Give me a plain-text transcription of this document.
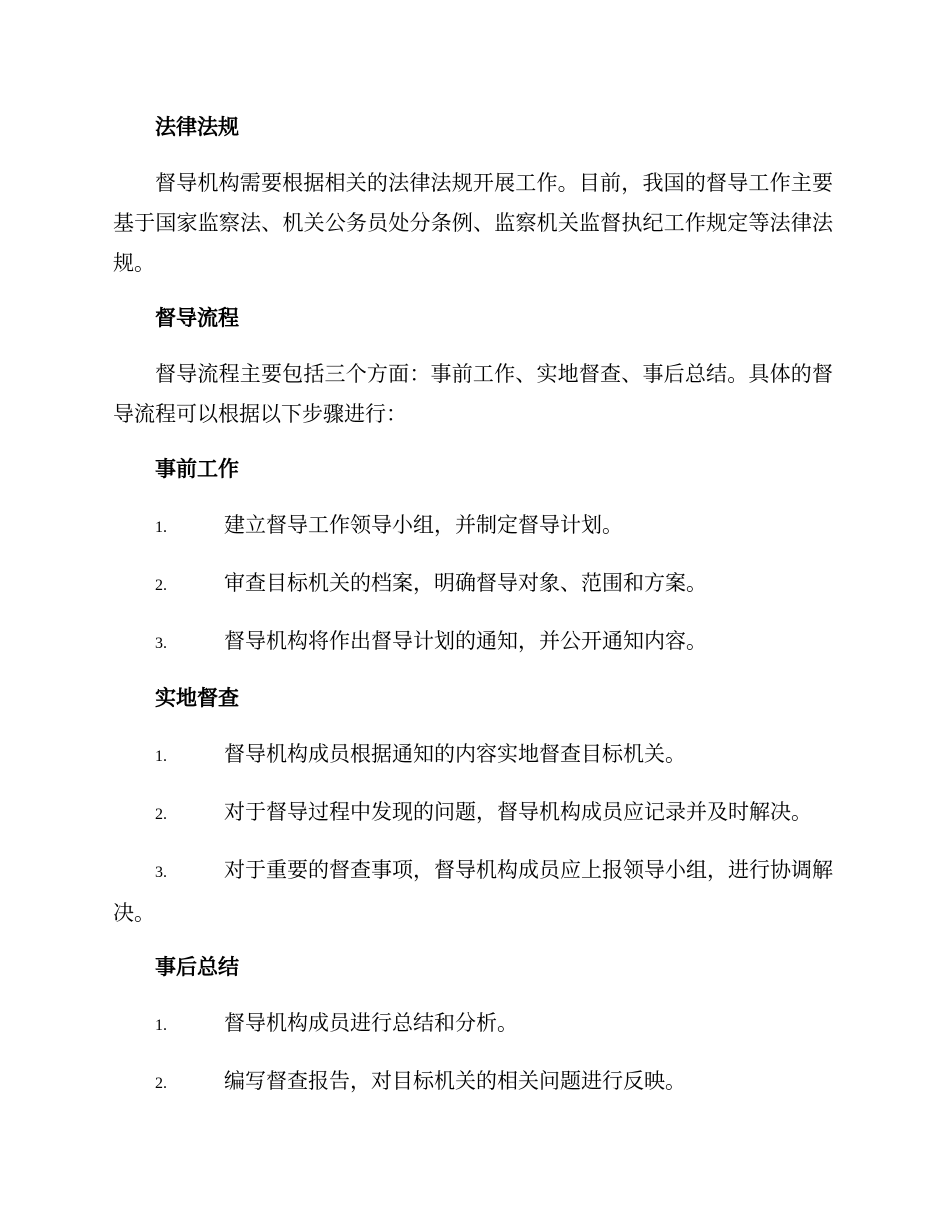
法律法规
督导机构需要根据相关的法律法规开展工作。目前，我国的督导工作主要基于国家监察法、机关公务员处分条例、监察机关监督执纪工作规定等法律法规。
督导流程
督导流程主要包括三个方面：事前工作、实地督查、事后总结。具体的督导流程可以根据以下步骤进行：
事前工作
1.	建立督导工作领导小组，并制定督导计划。
2.	审查目标机关的档案，明确督导对象、范围和方案。
3.	督导机构将作出督导计划的通知，并公开通知内容。
实地督查
1.	督导机构成员根据通知的内容实地督查目标机关。
2.	对于督导过程中发现的问题，督导机构成员应记录并及时解决。
3.	对于重要的督查事项，督导机构成员应上报领导小组，进行协调解决。
事后总结
1.	督导机构成员进行总结和分析。
2.	编写督查报告，对目标机关的相关问题进行反映。
